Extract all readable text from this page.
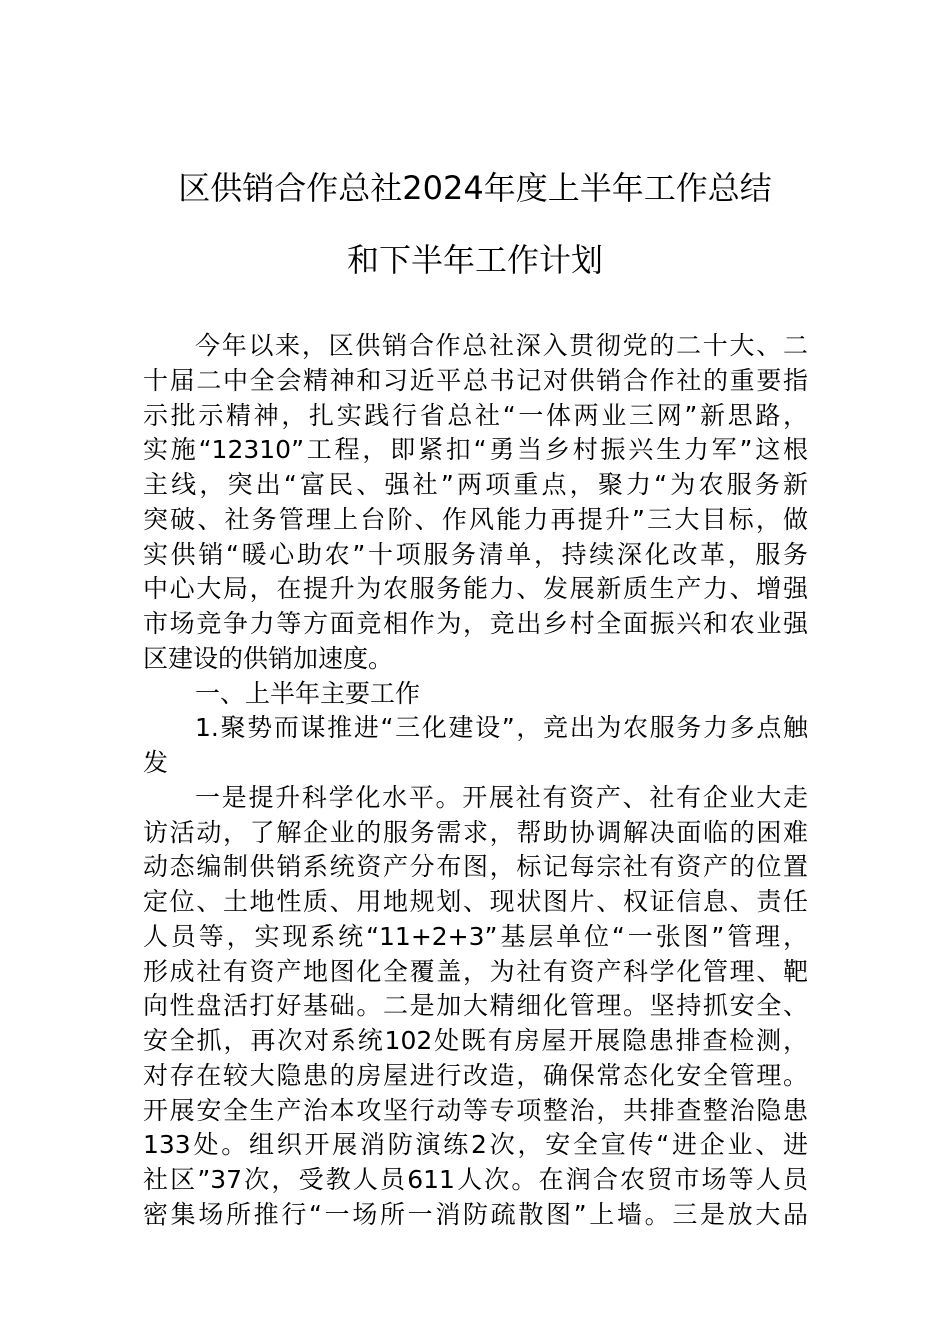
区供销合作总社2024年度上半年工作总结
和下半年工作计划
今年以来，区供销合作总社深入贯彻党的二十大、二
十届二中全会精神和习近平总书记对供销合作社的重要指
示批示精神，扎实践行省总社“一体两业三网”新思路，
实施“12310”工程，即紧扣“勇当乡村振兴生力军”这根
主线，突出“富民、强社”两项重点，聚力“为农服务新
突破、社务管理上台阶、作风能力再提升”三大目标，做
实供销“暖心助农”十项服务清单，持续深化改革，服务
中心大局，在提升为农服务能力、发展新质生产力、增强
市场竞争力等方面竞相作为，竞出乡村全面振兴和农业强
区建设的供销加速度。
一、上半年主要工作
1.聚势而谋推进“三化建设”，竞出为农服务力多点触
发
一是提升科学化水平。开展社有资产、社有企业大走
访活动，了解企业的服务需求，帮助协调解决面临的困难
动态编制供销系统资产分布图，标记每宗社有资产的位置
定位、土地性质、用地规划、现状图片、权证信息、责任
人员等，实现系统“11+2+3”基层单位“一张图”管理，
形成社有资产地图化全覆盖，为社有资产科学化管理、靶
向性盘活打好基础。二是加大精细化管理。坚持抓安全、
安全抓，再次对系统102处既有房屋开展隐患排查检测，
对存在较大隐患的房屋进行改造，确保常态化安全管理。
开展安全生产治本攻坚行动等专项整治，共排查整治隐患
133处。组织开展消防演练2次，安全宣传“进企业、进
社区”37次，受教人员611人次。在润合农贸市场等人员
密集场所推行“一场所一消防疏散图”上墙。三是放大品
